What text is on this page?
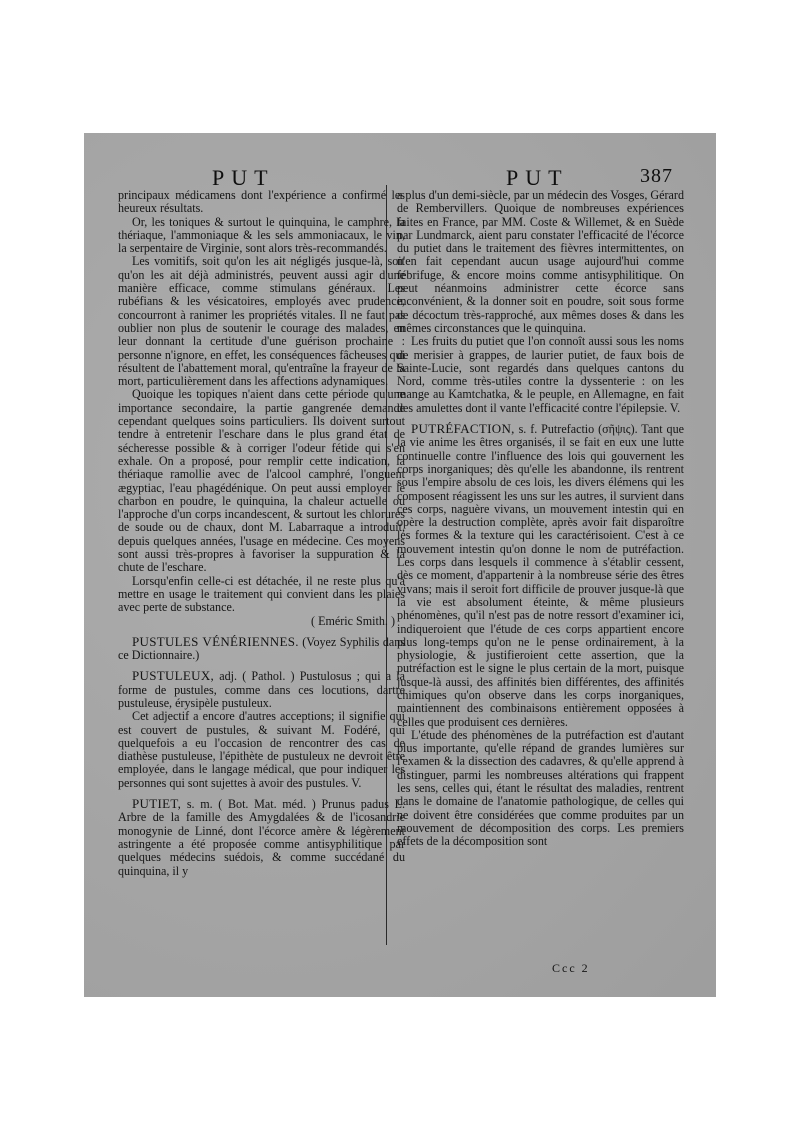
PUT	PUT	387

principaux médicamens dont l'expérience a confirmé les heureux résultats.

Or, les toniques & surtout le quinquina, le camphre, la thériaque, l'ammoniaque & les sels ammoniacaux, le vin, la serpentaire de Virginie, sont alors très-recommandés.

Les vomitifs, soit qu'on les ait négligés jusque-là, soit qu'on les ait déjà administrés, peuvent aussi agir d'une manière efficace, comme stimulans généraux. Les rubéfians & les vésicatoires, employés avec prudence, concourront à ranimer les propriétés vitales. Il ne faut pas oublier non plus de soutenir le courage des malades, en leur donnant la certitude d'une guérison prochaine : personne n'ignore, en effet, les conséquences fâcheuses qui résultent de l'abattement moral, qu'entraîne la frayeur de la mort, particulièrement dans les affections adynamiques.

Quoique les topiques n'aient dans cette période qu'une importance secondaire, la partie gangrenée demande cependant quelques soins particuliers. Ils doivent surtout tendre à entretenir l'eschare dans le plus grand état de sécheresse possible & à corriger l'odeur fétide qui s'en exhale. On a proposé, pour remplir cette indication, la thériaque ramollie avec de l'alcool camphré, l'onguent ægyptiac, l'eau phagédénique. On peut aussi employer le charbon en poudre, le quinquina, la chaleur actuelle ou l'approche d'un corps incandescent, & surtout les chlorures de soude ou de chaux, dont M. Labarraque a introduit, depuis quelques années, l'usage en médecine. Ces moyens sont aussi très-propres à favoriser la suppuration & la chute de l'eschare.

Lorsqu'enfin celle-ci est détachée, il ne reste plus qu'à mettre en usage le traitement qui convient dans les plaies avec perte de substance.

( Eméric Smith. )

PUSTULES VÉNÉRIENNES. (Voyez Syphilis dans ce Dictionnaire.)

PUSTULEUX, adj. ( Pathol. ) Pustulosus ; qui a la forme de pustules, comme dans ces locutions, dartre pustuleuse, érysipèle pustuleux.

Cet adjectif a encore d'autres acceptions; il signifie qui est couvert de pustules, & suivant M. Fodéré, qui quelquefois a eu l'occasion de rencontrer des cas de diathèse pustuleuse, l'épithète de pustuleux ne devroit être employée, dans le langage médical, que pour indiquer les personnes qui sont sujettes à avoir des pustules. V.

PUTIET, s. m. ( Bot. Mat. méd. ) Prunus padus L. Arbre de la famille des Amygdalées & de l'icosandrie monogynie de Linné, dont l'écorce amère & légèrement astringente a été proposée comme antisyphilitique par quelques médecins suédois, & comme succédané du quinquina, il y

a plus d'un demi-siècle, par un médecin des Vosges, Gérard de Rembervillers. Quoique de nombreuses expériences faites en France, par MM. Coste & Willemet, & en Suède par Lundmarck, aient paru constater l'efficacité de l'écorce du putiet dans le traitement des fièvres intermittentes, on n'en fait cependant aucun usage aujourd'hui comme fébrifuge, & encore moins comme antisyphilitique. On peut néanmoins administrer cette écorce sans inconvénient, & la donner soit en poudre, soit sous forme de décoctum très-rapproché, aux mêmes doses & dans les mêmes circonstances que le quinquina.

Les fruits du putiet que l'on connoît aussi sous les noms de merisier à grappes, de laurier putiet, de faux bois de Sainte-Lucie, sont regardés dans quelques cantons du Nord, comme très-utiles contre la dyssenterie : on les mange au Kamtchatka, & le peuple, en Allemagne, en fait des amulettes dont il vante l'efficacité contre l'épilepsie. V.

PUTRÉFACTION, s. f. Putrefactio (σῆψις). Tant que la vie anime les êtres organisés, il se fait en eux une lutte continuelle contre l'influence des lois qui gouvernent les corps inorganiques; dès qu'elle les abandonne, ils rentrent sous l'empire absolu de ces lois, les divers élémens qui les composent réagissent les uns sur les autres, il survient dans ces corps, naguère vivans, un mouvement intestin qui en opère la destruction complète, après avoir fait disparoître les formes & la texture qui les caractérisoient. C'est à ce mouvement intestin qu'on donne le nom de putréfaction. Les corps dans lesquels il commence à s'établir cessent, dès ce moment, d'appartenir à la nombreuse série des êtres vivans; mais il seroit fort difficile de prouver jusque-là que la vie est absolument éteinte, & même plusieurs phénomènes, qu'il n'est pas de notre ressort d'examiner ici, indiqueroient que l'étude de ces corps appartient encore plus long-temps qu'on ne le pense ordinairement, à la physiologie, & justifieroient cette assertion, que la putréfaction est le signe le plus certain de la mort, puisque jusque-là aussi, des affinités bien différentes, des affinités chimiques qu'on observe dans les corps inorganiques, maintiennent des combinaisons entièrement opposées à celles que produisent ces dernières.

L'étude des phénomènes de la putréfaction est d'autant plus importante, qu'elle répand de grandes lumières sur l'examen & la dissection des cadavres, & qu'elle apprend à distinguer, parmi les nombreuses altérations qui frappent les sens, celles qui, étant le résultat des maladies, rentrent dans le domaine de l'anatomie pathologique, de celles qui ne doivent être considérées que comme produites par un mouvement de décomposition des corps. Les premiers effets de la décomposition sont

Ccc 2
